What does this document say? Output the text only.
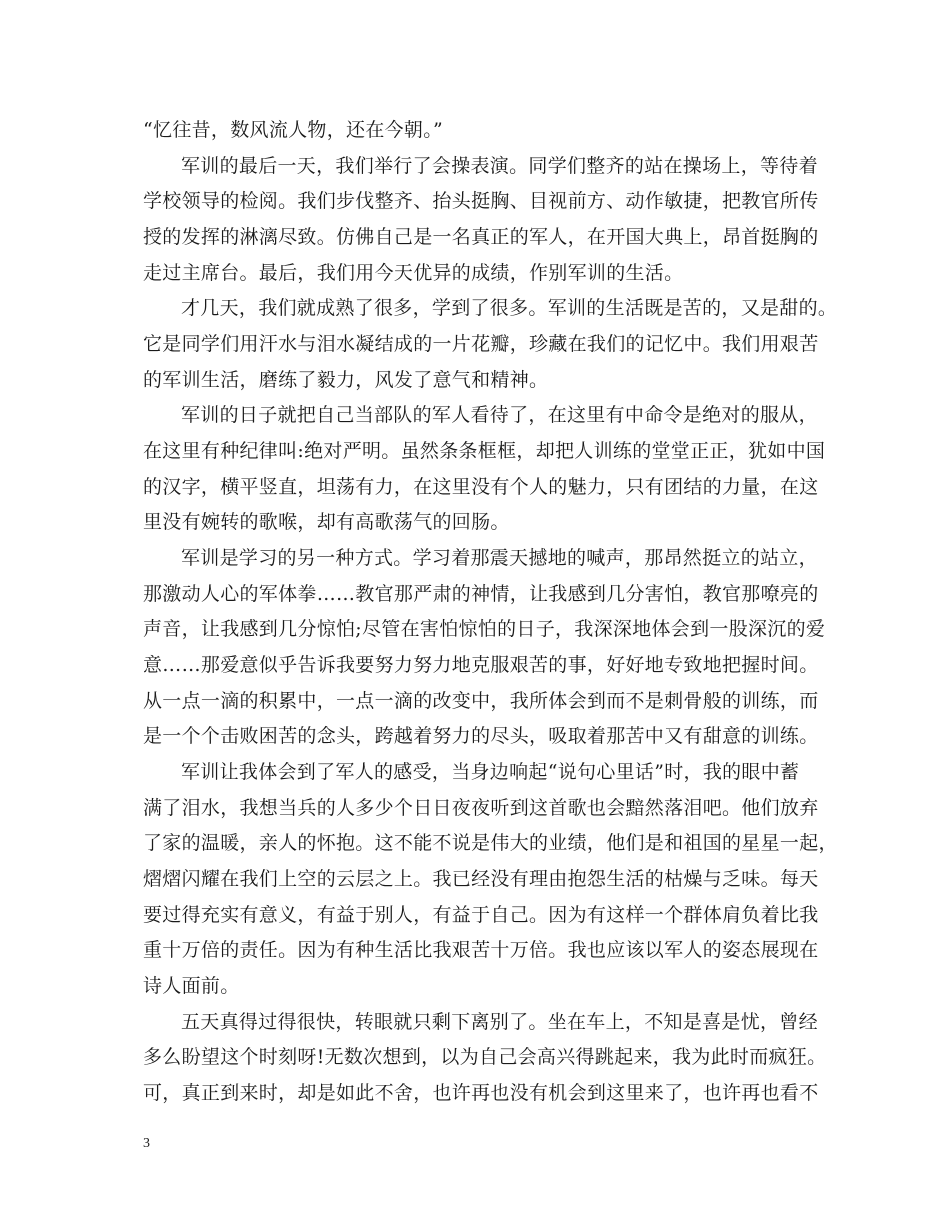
“忆往昔，数风流人物，还在今朝。”
军训的最后一天，我们举行了会操表演。同学们整齐的站在操场上，等待着
学校领导的检阅。我们步伐整齐、抬头挺胸、目视前方、动作敏捷，把教官所传
授的发挥的淋漓尽致。仿佛自己是一名真正的军人，在开国大典上，昂首挺胸的
走过主席台。最后，我们用今天优异的成绩，作别军训的生活。
才几天，我们就成熟了很多，学到了很多。军训的生活既是苦的，又是甜的。
它是同学们用汗水与泪水凝结成的一片花瓣，珍藏在我们的记忆中。我们用艰苦
的军训生活，磨练了毅力，风发了意气和精神。
军训的日子就把自己当部队的军人看待了，在这里有中命令是绝对的服从，
在这里有种纪律叫:绝对严明。虽然条条框框，却把人训练的堂堂正正，犹如中国
的汉字，横平竖直，坦荡有力，在这里没有个人的魅力，只有团结的力量，在这
里没有婉转的歌喉，却有高歌荡气的回肠。
军训是学习的另一种方式。学习着那震天撼地的喊声，那昂然挺立的站立，
那激动人心的军体拳……教官那严肃的神情，让我感到几分害怕，教官那嘹亮的
声音，让我感到几分惊怕;尽管在害怕惊怕的日子，我深深地体会到一股深沉的爱
意……那爱意似乎告诉我要努力努力地克服艰苦的事，好好地专致地把握时间。
从一点一滴的积累中，一点一滴的改变中，我所体会到而不是刺骨般的训练，而
是一个个击败困苦的念头，跨越着努力的尽头，吸取着那苦中又有甜意的训练。
军训让我体会到了军人的感受，当身边响起“说句心里话”时，我的眼中蓄
满了泪水，我想当兵的人多少个日日夜夜听到这首歌也会黯然落泪吧。他们放弃
了家的温暖，亲人的怀抱。这不能不说是伟大的业绩，他们是和祖国的星星一起，
熠熠闪耀在我们上空的云层之上。我已经没有理由抱怨生活的枯燥与乏味。每天
要过得充实有意义，有益于别人，有益于自己。因为有这样一个群体肩负着比我
重十万倍的责任。因为有种生活比我艰苦十万倍。我也应该以军人的姿态展现在
诗人面前。
五天真得过得很快，转眼就只剩下离别了。坐在车上，不知是喜是忧，曾经
多么盼望这个时刻呀!无数次想到，以为自己会高兴得跳起来，我为此时而疯狂。
可，真正到来时，却是如此不舍，也许再也没有机会到这里来了，也许再也看不
3
